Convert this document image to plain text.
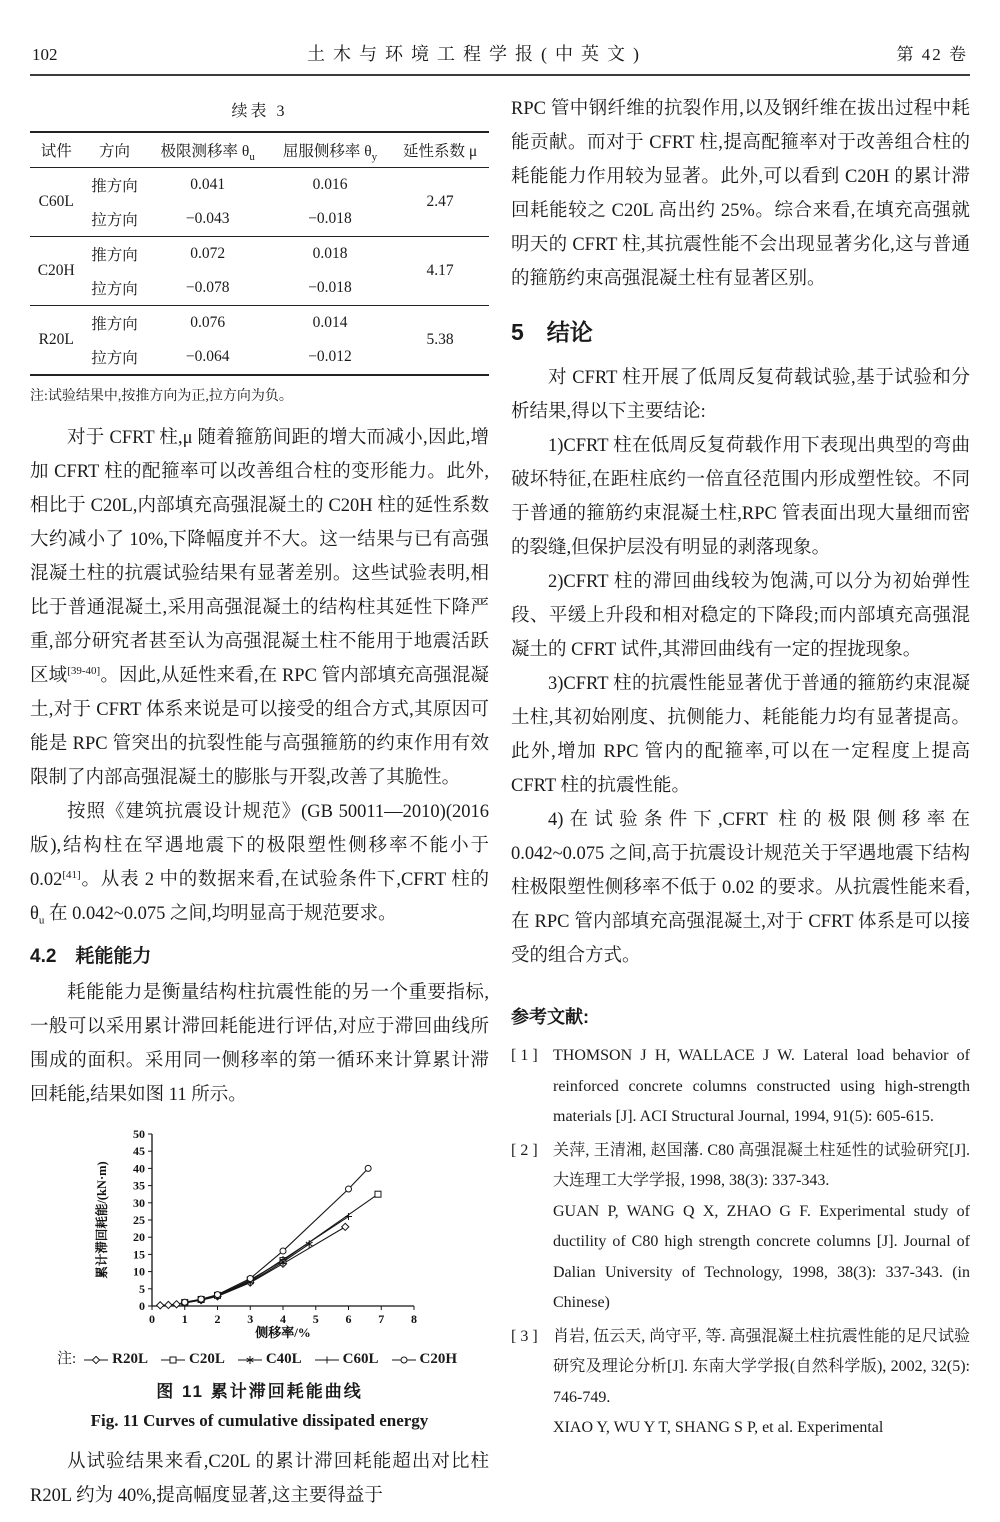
102	土木与环境工程学报(中英文)	第 42 卷
续表 3
试件	方向	极限测移率 $\theta_u$	屈服侧移率 $\theta_y$	延性系数 μ
C60L	推方向	0.041	0.016	2.47
	拉方向	−0.043	−0.018	
C20H	推方向	0.072	0.018	4.17
	拉方向	−0.078	−0.018	
R20L	推方向	0.076	0.014	5.38
	拉方向	−0.064	−0.012	
注:试验结果中,按推方向为正,拉方向为负。

对于 CFRT 柱,μ 随着箍筋间距的增大而减小,因此,增加 CFRT 柱的配箍率可以改善组合柱的变形能力。此外,相比于 C20L,内部填充高强混凝土的 C20H 柱的延性系数大约减小了 10%,下降幅度并不大。这一结果与已有高强混凝土柱的抗震试验结果有显著差别。这些试验表明,相比于普通混凝土,采用高强混凝土的结构柱其延性下降严重,部分研究者甚至认为高强混凝土柱不能用于地震活跃区域[39-40]。因此,从延性来看,在 RPC 管内部填充高强混凝土,对于 CFRT 体系来说是可以接受的组合方式,其原因可能是 RPC 管突出的抗裂性能与高强箍筋的约束作用有效限制了内部高强混凝土的膨胀与开裂,改善了其脆性。

按照《建筑抗震设计规范》(GB 50011—2010)(2016 版),结构柱在罕遇地震下的极限塑性侧移率不能小于 0.02[41]。从表 2 中的数据来看,在试验条件下,CFRT 柱的 $\theta_u$ 在 0.042~0.075 之间,均明显高于规范要求。

4.2 耗能能力

耗能能力是衡量结构柱抗震性能的另一个重要指标,一般可以采用累计滞回耗能进行评估,对应于滞回曲线所围成的面积。采用同一侧移率的第一循环来计算累计滞回耗能,结果如图 11 所示。

0 1 2 3 4 5 6 7 8
0
5
10
15
20
25
30
35
40
45
50
侧移率/%
累计滞回耗能/(kN·m)
注: R20L	C20L	C40L	C60L	C20H
图 11 累计滞回耗能曲线
Fig. 11 Curves of cumulative dissipated energy

从试验结果来看,C20L 的累计滞回耗能超出对比柱 R20L 约为 40%,提高幅度显著,这主要得益于

RPC 管中钢纤维的抗裂作用,以及钢纤维在拔出过程中耗能贡献。而对于 CFRT 柱,提高配箍率对于改善组合柱的耗能能力作用较为显著。此外,可以看到 C20H 的累计滞回耗能较之 C20L 高出约 25%。综合来看,在填充高强就明天的 CFRT 柱,其抗震性能不会出现显著劣化,这与普通的箍筋约束高强混凝土柱有显著区别。

5 结论

对 CFRT 柱开展了低周反复荷载试验,基于试验和分析结果,得以下主要结论:

1)CFRT 柱在低周反复荷载作用下表现出典型的弯曲破坏特征,在距柱底约一倍直径范围内形成塑性铰。不同于普通的箍筋约束混凝土柱,RPC 管表面出现大量细而密的裂缝,但保护层没有明显的剥落现象。

2)CFRT 柱的滞回曲线较为饱满,可以分为初始弹性段、平缓上升段和相对稳定的下降段;而内部填充高强混凝土的 CFRT 试件,其滞回曲线有一定的捏拢现象。

3)CFRT 柱的抗震性能显著优于普通的箍筋约束混凝土柱,其初始刚度、抗侧能力、耗能能力均有显著提高。此外,增加 RPC 管内的配箍率,可以在一定程度上提高 CFRT 柱的抗震性能。

4)在试验条件下,CFRT 柱的极限侧移率在 0.042~0.075 之间,高于抗震设计规范关于罕遇地震下结构柱极限塑性侧移率不低于 0.02 的要求。从抗震性能来看,在 RPC 管内部填充高强混凝土,对于 CFRT 体系是可以接受的组合方式。

参考文献:
[ 1 ] THOMSON J H, WALLACE J W. Lateral load behavior of reinforced concrete columns constructed using high-strength materials [J]. ACI Structural Journal, 1994, 91(5): 605-615.
[ 2 ] 关萍, 王清湘, 赵国藩. C80 高强混凝土柱延性的试验研究[J]. 大连理工大学学报, 1998, 38(3): 337-343.
GUAN P, WANG Q X, ZHAO G F. Experimental study of ductility of C80 high strength concrete columns [J]. Journal of Dalian University of Technology, 1998, 38(3): 337-343. (in Chinese)
[ 3 ] 肖岩, 伍云天, 尚守平, 等. 高强混凝土柱抗震性能的足尺试验研究及理论分析[J]. 东南大学学报(自然科学版), 2002, 32(5): 746-749.
XIAO Y, WU Y T, SHANG S P, et al. Experimental
